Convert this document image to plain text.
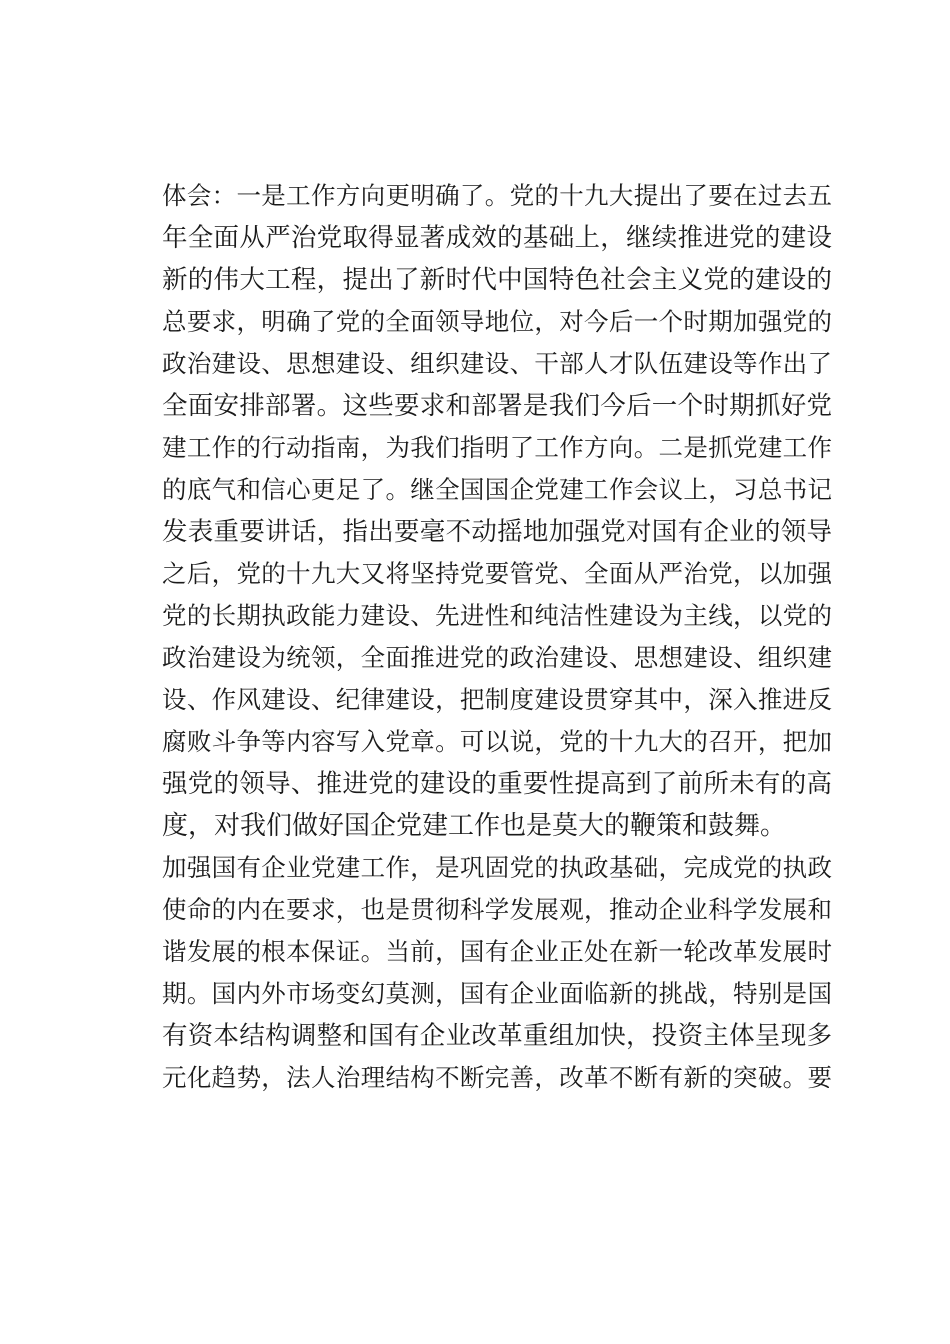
体会：一是工作方向更明确了。党的十九大提出了要在过去五
年全面从严治党取得显著成效的基础上，继续推进党的建设
新的伟大工程，提出了新时代中国特色社会主义党的建设的
总要求，明确了党的全面领导地位，对今后一个时期加强党的
政治建设、思想建设、组织建设、干部人才队伍建设等作出了
全面安排部署。这些要求和部署是我们今后一个时期抓好党
建工作的行动指南，为我们指明了工作方向。二是抓党建工作
的底气和信心更足了。继全国国企党建工作会议上，习总书记
发表重要讲话，指出要毫不动摇地加强党对国有企业的领导
之后，党的十九大又将坚持党要管党、全面从严治党，以加强
党的长期执政能力建设、先进性和纯洁性建设为主线，以党的
政治建设为统领，全面推进党的政治建设、思想建设、组织建
设、作风建设、纪律建设，把制度建设贯穿其中，深入推进反
腐败斗争等内容写入党章。可以说，党的十九大的召开，把加
强党的领导、推进党的建设的重要性提高到了前所未有的高
度，对我们做好国企党建工作也是莫大的鞭策和鼓舞。
加强国有企业党建工作，是巩固党的执政基础，完成党的执政
使命的内在要求，也是贯彻科学发展观，推动企业科学发展和
谐发展的根本保证。当前，国有企业正处在新一轮改革发展时
期。国内外市场变幻莫测，国有企业面临新的挑战，特别是国
有资本结构调整和国有企业改革重组加快，投资主体呈现多
元化趋势，法人治理结构不断完善，改革不断有新的突破。要
